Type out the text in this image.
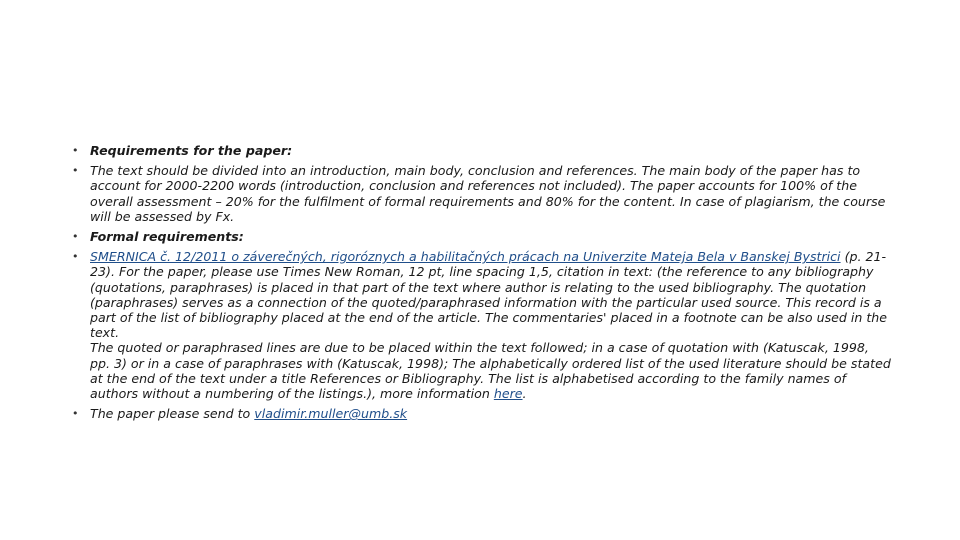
• Requirements for the paper:
• The text should be divided into an introduction, main body, conclusion and references. The main body of the paper has to account for 2000-2200 words (introduction, conclusion and references not included). The paper accounts for 100% of the overall assessment – 20% for the fulfilment of formal requirements and 80% for the content. In case of plagiarism, the course will be assessed by Fx.
• Formal requirements:
• SMERNICA č. 12/2011 o záverečných, rigoróznych a habilitačných prácach na Univerzite Mateja Bela v Banskej Bystrici (p. 21-23). For the paper, please use Times New Roman, 12 pt, line spacing 1,5, citation in text: (the reference to any bibliography (quotations, paraphrases) is placed in that part of the text where author is relating to the used bibliography. The quotation (paraphrases) serves as a connection of the quoted/paraphrased information with the particular used source. This record is a part of the list of bibliography placed at the end of the article. The commentaries' placed in a footnote can be also used in the text.
The quoted or paraphrased lines are due to be placed within the text followed; in a case of quotation with (Katuscak, 1998, pp. 3) or in a case of paraphrases with (Katuscak, 1998); The alphabetically ordered list of the used literature should be stated at the end of the text under a title References or Bibliography. The list is alphabetised according to the family names of authors without a numbering of the listings.), more information here.
• The paper please send to vladimir.muller@umb.sk
